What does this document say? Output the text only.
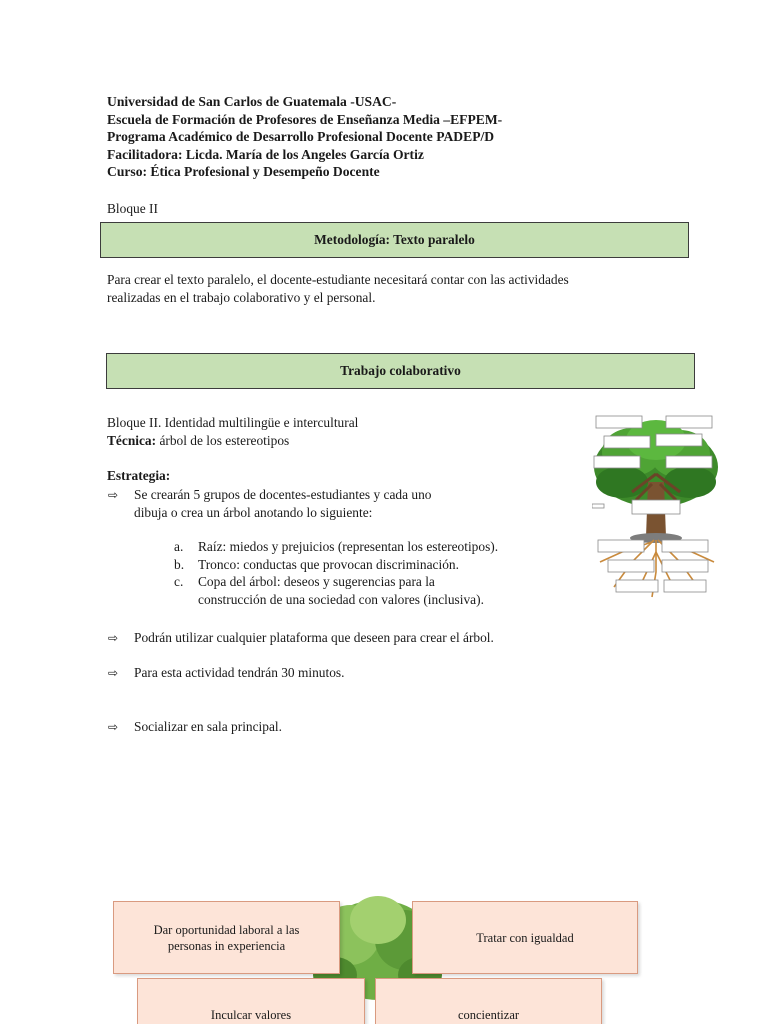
Universidad de San Carlos de Guatemala -USAC-
Escuela de Formación de Profesores de Enseñanza Media –EFPEM-
Programa Académico de Desarrollo Profesional Docente PADEP/D
Facilitadora: Licda. María de los Angeles García Ortiz
Curso: Ética Profesional y Desempeño Docente
Bloque II
Metodología: Texto paralelo
Para crear el texto paralelo, el docente-estudiante necesitará contar con las actividades
realizadas en el trabajo colaborativo y el personal.
Trabajo colaborativo
Bloque II. Identidad multilingüe e intercultural
Técnica: árbol de los estereotipos
Estrategia:
⇨ Se crearán 5 grupos de docentes-estudiantes y cada uno
dibuja o crea un árbol anotando lo siguiente:
a.	Raíz: miedos y prejuicios (representan los estereotipos).
b.	Tronco: conductas que provocan discriminación.
c.	Copa del árbol: deseos y sugerencias para la
construcción de una sociedad con valores (inclusiva).
⇨ Podrán utilizar cualquier plataforma que deseen para crear el árbol.
⇨ Para esta actividad tendrán 30 minutos.
⇨ Socializar en sala principal.
Dar oportunidad laboral a las personas in experiencia
Tratar con igualdad
Inculcar valores	concientizar
